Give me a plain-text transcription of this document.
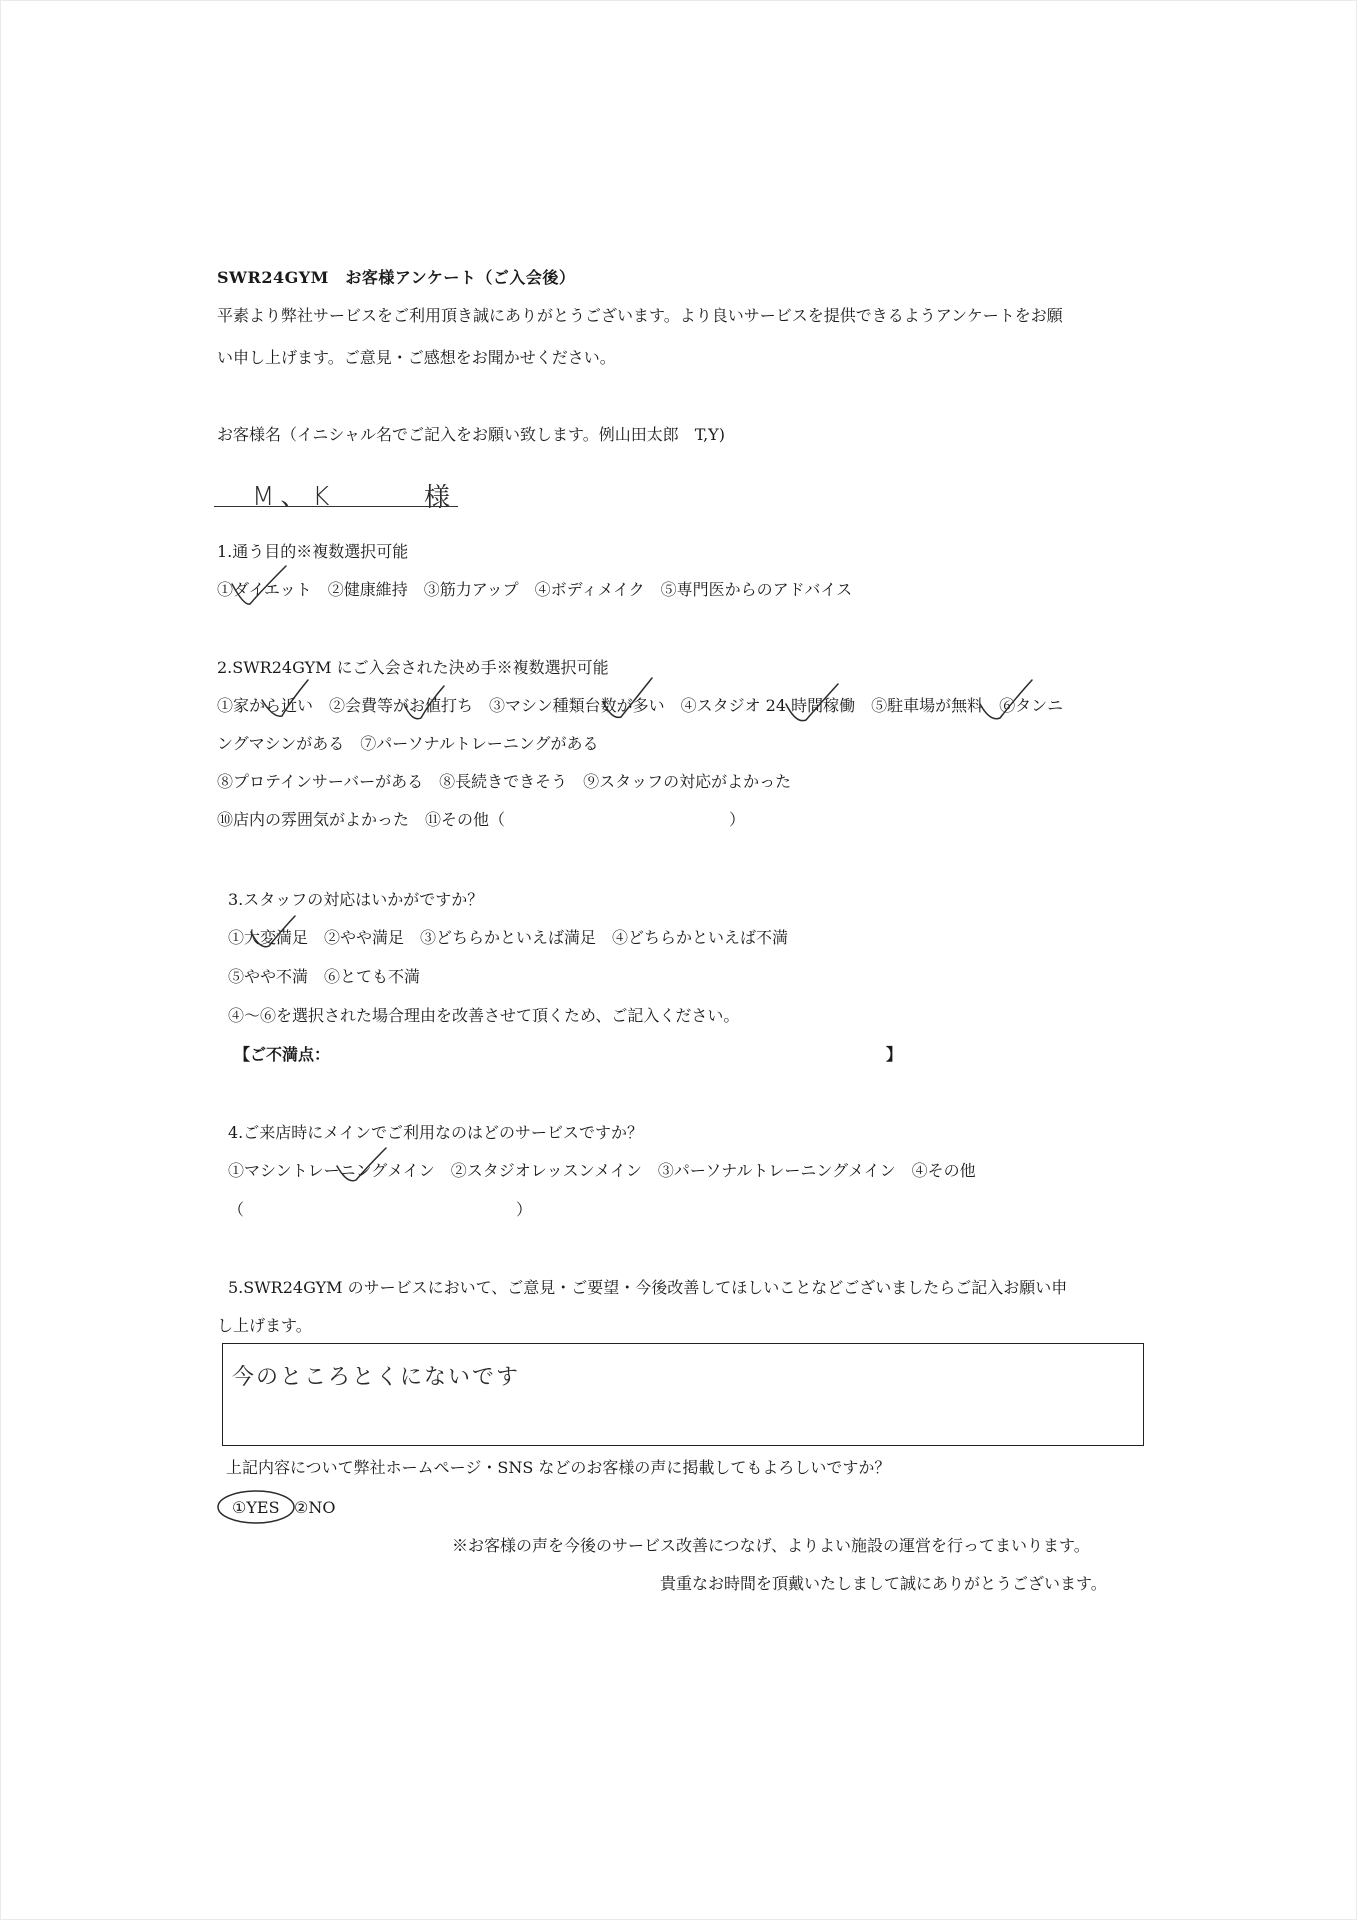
SWR24GYM　お客様アンケート（ご入会後）
平素より弊社サービスをご利用頂き誠にありがとうございます。より良いサービスを提供できるようアンケートをお願
い申し上げます。ご意見・ご感想をお聞かせください。
お客様名（イニシャル名でご記入をお願い致します。例山田太郎　T,Y)
M、K	様
1.通う目的※複数選択可能
①ダイエット　②健康維持　③筋力アップ　④ボディメイク　⑤専門医からのアドバイス
2.SWR24GYM にご入会された決め手※複数選択可能
①家から近い　②会費等がお値打ち　③マシン種類台数が多い　④スタジオ 24 時間稼働　⑤駐車場が無料　⑥タンニ
ングマシンがある　⑦パーソナルトレーニングがある
⑧プロテインサーバーがある　⑧長続きできそう　⑨スタッフの対応がよかった
⑩店内の雰囲気がよかった　⑪その他（　　　　　　　　　　　　　　）
3.スタッフの対応はいかがですか？
①大変満足　②やや満足　③どちらかといえば満足　④どちらかといえば不満
⑤やや不満　⑥とても不満
④～⑥を選択された場合理由を改善させて頂くため、ご記入ください。
【ご不満点：	】
4.ご来店時にメインでご利用なのはどのサービスですか？
①マシントレーニングメイン　②スタジオレッスンメイン　③パーソナルトレーニングメイン　④その他
（　　　　　　　　　　　　　　　　　）
5.SWR24GYM のサービスにおいて、ご意見・ご要望・今後改善してほしいことなどございましたらご記入お願い申
し上げます。
今のところとくにないです
上記内容について弊社ホームページ・SNS などのお客様の声に掲載してもよろしいですか？
①YES ②NO
※お客様の声を今後のサービス改善につなげ、よりよい施設の運営を行ってまいります。
貴重なお時間を頂戴いたしまして誠にありがとうございます。
